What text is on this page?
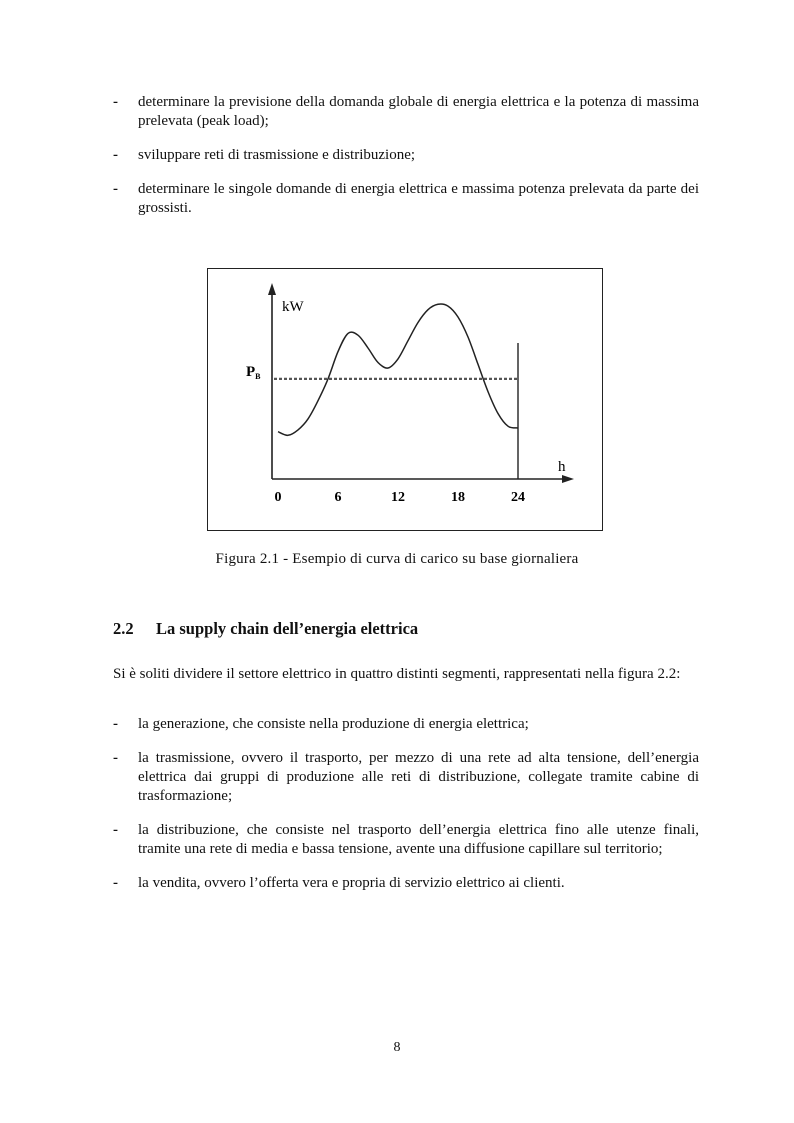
- determinare la previsione della domanda globale di energia elettrica e la potenza di massima prelevata (peak load);
- sviluppare reti di trasmissione e distribuzione;
- determinare le singole domande di energia elettrica e massima potenza prelevata da parte dei grossisti.
kW
h
$P_B$
0	6	12	18	24
Figura 2.1 - Esempio di curva di carico su base giornaliera
2.2 La supply chain dell’energia elettrica

Si è soliti dividere il settore elettrico in quattro distinti segmenti, rappresentati nella figura 2.2:

- la generazione, che consiste nella produzione di energia elettrica;
- la trasmissione, ovvero il trasporto, per mezzo di una rete ad alta tensione, dell’energia elettrica dai gruppi di produzione alle reti di distribuzione, collegate tramite cabine di trasformazione;
- la distribuzione, che consiste nel trasporto dell’energia elettrica fino alle utenze finali, tramite una rete di media e bassa tensione, avente una diffusione capillare sul territorio;
- la vendita, ovvero l’offerta vera e propria di servizio elettrico ai clienti.
8
